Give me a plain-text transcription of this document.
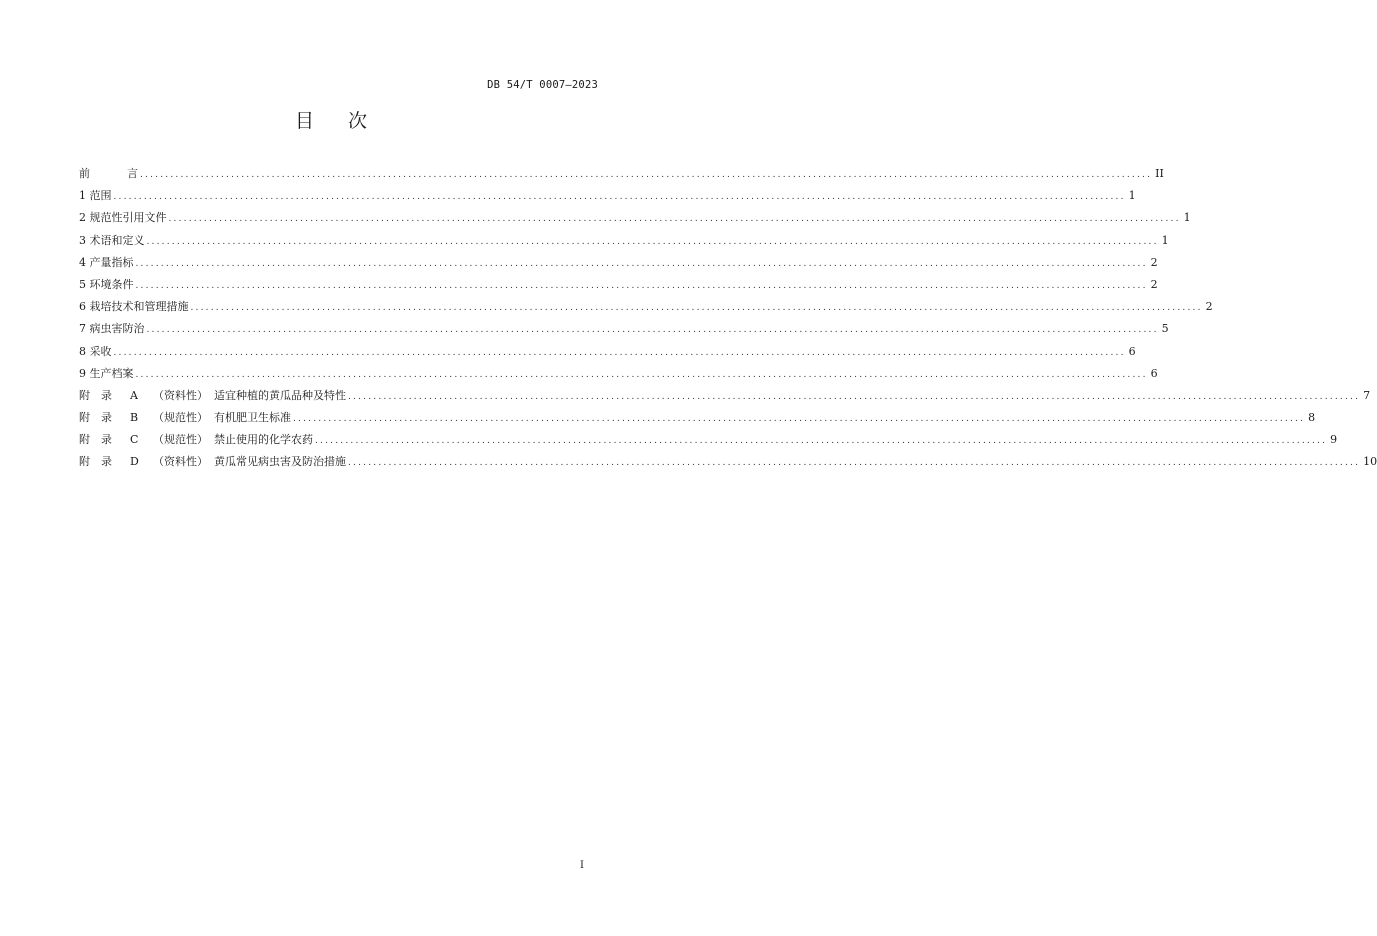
DB 54/T 0007—2023
目 次
前	言 ........................................................................................................................................................................................................ II
1 范围 ........................................................................................................................................................................................................ 1
2 规范性引用文件 ........................................................................................................................................................................................................ 1
3 术语和定义 ........................................................................................................................................................................................................ 1
4 产量指标 ........................................................................................................................................................................................................ 2
5 环境条件 ........................................................................................................................................................................................................ 2
6 栽培技术和管理措施 ........................................................................................................................................................................................................ 2
7 病虫害防治 ........................................................................................................................................................................................................ 5
8 采收 ........................................................................................................................................................................................................ 6
9 生产档案 ........................................................................................................................................................................................................ 6
附　录 A （资料性） 适宜种植的黄瓜品种及特性 ........................................................................................................................................................................................................ 7
附　录 B （规范性） 有机肥卫生标准 ........................................................................................................................................................................................................ 8
附　录 C （规范性） 禁止使用的化学农药 ........................................................................................................................................................................................................ 9
附　录 D （资料性） 黄瓜常见病虫害及防治措施 ........................................................................................................................................................................................................ 10
I
